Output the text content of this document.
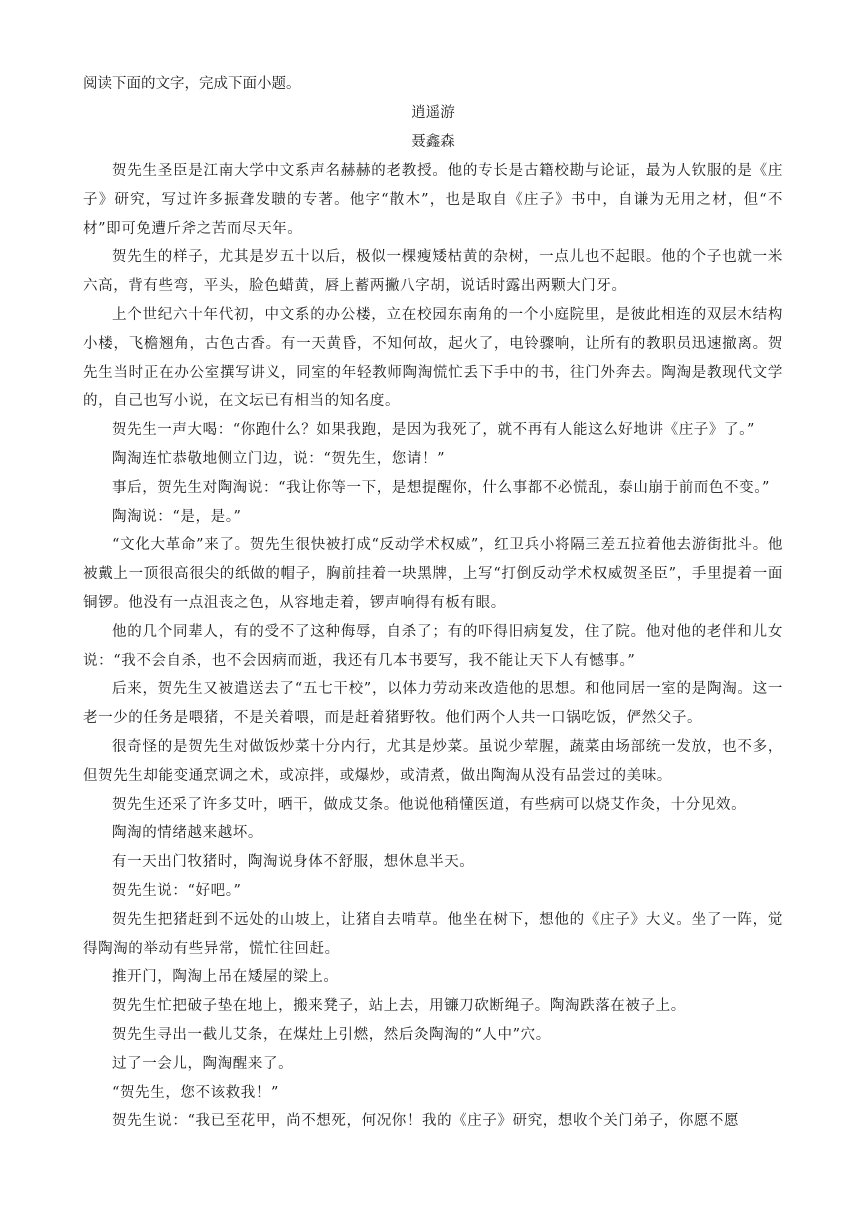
阅读下面的文字，完成下面小题。

逍遥游

聂鑫森

贺先生圣臣是江南大学中文系声名赫赫的老教授。他的专长是古籍校勘与论证，最为人钦服的是《庄子》研究，写过许多振聋发聩的专著。他字“散木”，也是取自《庄子》书中，自谦为无用之材，但“不材”即可免遭斤斧之苦而尽天年。

贺先生的样子，尤其是岁五十以后，极似一棵瘦矮枯黄的杂树，一点儿也不起眼。他的个子也就一米六高，背有些弯，平头，脸色蜡黄，唇上蓄两撇八字胡，说话时露出两颗大门牙。

上个世纪六十年代初，中文系的办公楼，立在校园东南角的一个小庭院里，是彼此相连的双层木结构小楼，飞檐翘角，古色古香。有一天黄昏，不知何故，起火了，电铃骤响，让所有的教职员迅速撤离。贺先生当时正在办公室撰写讲义，同室的年轻教师陶淘慌忙丢下手中的书，往门外奔去。陶淘是教现代文学的，自己也写小说，在文坛已有相当的知名度。

贺先生一声大喝：“你跑什么？如果我跑，是因为我死了，就不再有人能这么好地讲《庄子》了。”

陶淘连忙恭敬地侧立门边，说：“贺先生，您请！”

事后，贺先生对陶淘说：“我让你等一下，是想提醒你，什么事都不必慌乱，泰山崩于前而色不变。”

陶淘说：“是，是。”

“文化大革命”来了。贺先生很快被打成“反动学术权威”，红卫兵小将隔三差五拉着他去游街批斗。他被戴上一顶很高很尖的纸做的帽子，胸前挂着一块黑牌，上写“打倒反动学术权威贺圣臣”，手里提着一面铜锣。他没有一点沮丧之色，从容地走着，锣声响得有板有眼。

他的几个同辈人，有的受不了这种侮辱，自杀了；有的吓得旧病复发，住了院。他对他的老伴和儿女说：“我不会自杀，也不会因病而逝，我还有几本书要写，我不能让天下人有憾事。”

后来，贺先生又被遣送去了“五七干校”，以体力劳动来改造他的思想。和他同居一室的是陶淘。这一老一少的任务是喂猪，不是关着喂，而是赶着猪野牧。他们两个人共一口锅吃饭，俨然父子。

很奇怪的是贺先生对做饭炒菜十分内行，尤其是炒菜。虽说少荤腥，蔬菜由场部统一发放，也不多，但贺先生却能变通烹调之术，或凉拌，或爆炒，或清煮，做出陶淘从没有品尝过的美味。

贺先生还采了许多艾叶，晒干，做成艾条。他说他稍懂医道，有些病可以烧艾作灸，十分见效。

陶淘的情绪越来越坏。

有一天出门牧猪时，陶淘说身体不舒服，想休息半天。

贺先生说：“好吧。”

贺先生把猪赶到不远处的山坡上，让猪自去啃草。他坐在树下，想他的《庄子》大义。坐了一阵，觉得陶淘的举动有些异常，慌忙往回赶。

推开门，陶淘上吊在矮屋的梁上。

贺先生忙把破子垫在地上，搬来凳子，站上去，用镰刀砍断绳子。陶淘跌落在被子上。

贺先生寻出一截儿艾条，在煤灶上引燃，然后灸陶淘的“人中”穴。

过了一会儿，陶淘醒来了。

“贺先生，您不该救我！”

贺先生说：“我已至花甲，尚不想死，何况你！我的《庄子》研究，想收个关门弟子，你愿不愿
